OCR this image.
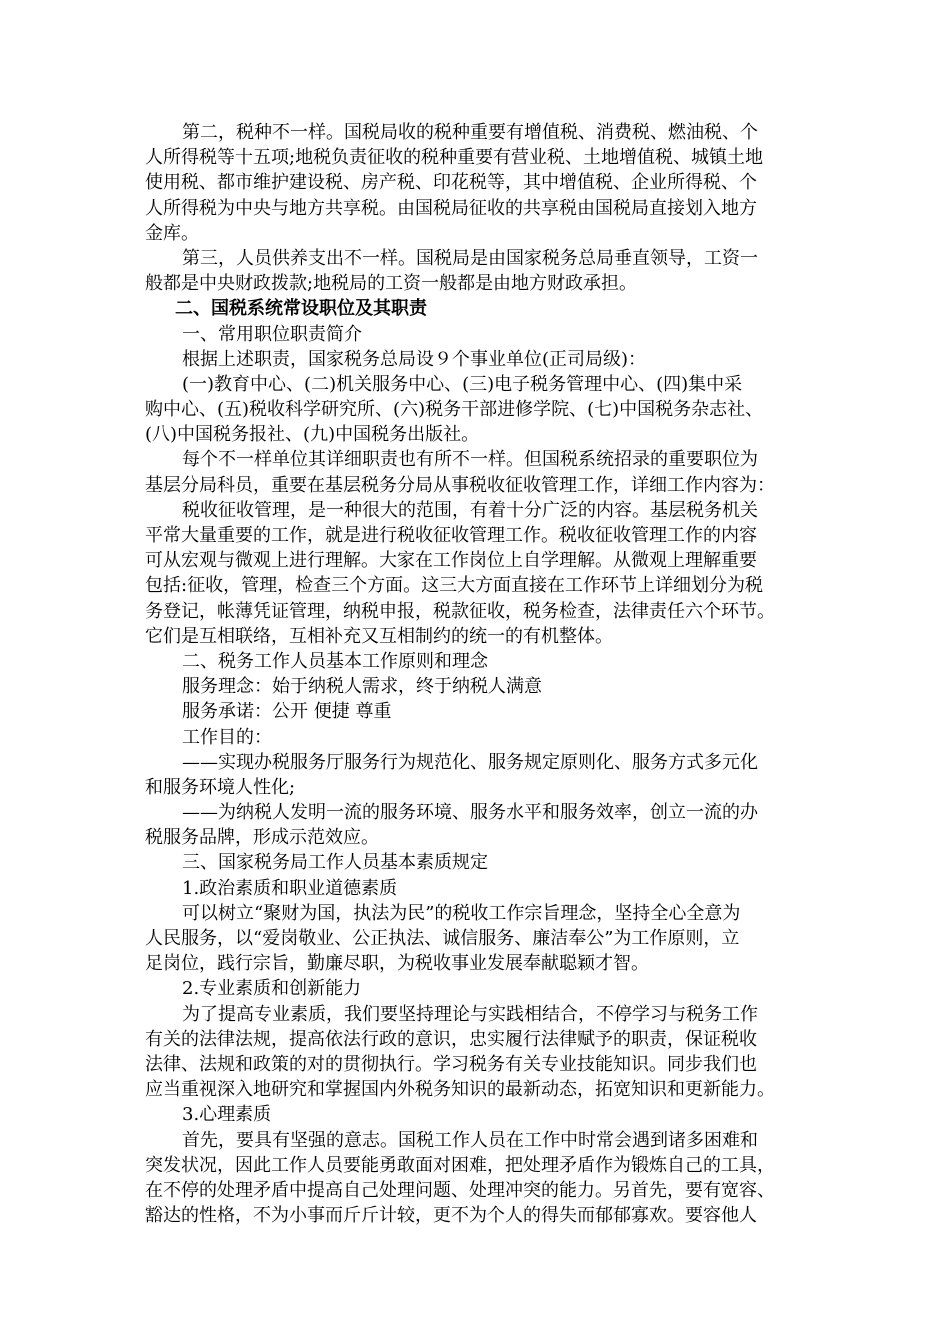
第二，税种不一样。国税局收的税种重要有增值税、消费税、燃油税、个
人所得税等十五项;地税负责征收的税种重要有营业税、土地增值税、城镇土地
使用税、都市维护建设税、房产税、印花税等，其中增值税、企业所得税、个
人所得税为中央与地方共享税。由国税局征收的共享税由国税局直接划入地方
金库。
第三，人员供养支出不一样。国税局是由国家税务总局垂直领导，工资一
般都是中央财政拨款;地税局的工资一般都是由地方财政承担。
二、国税系统常设职位及其职责
一、常用职位职责简介
根据上述职责，国家税务总局设９个事业单位(正司局级)：
(一)教育中心、(二)机关服务中心、(三)电子税务管理中心、(四)集中采
购中心、(五)税收科学研究所、(六)税务干部进修学院、(七)中国税务杂志社、
(八)中国税务报社、(九)中国税务出版社。
每个不一样单位其详细职责也有所不一样。但国税系统招录的重要职位为
基层分局科员，重要在基层税务分局从事税收征收管理工作，详细工作内容为：
税收征收管理，是一种很大的范围，有着十分广泛的内容。基层税务机关
平常大量重要的工作，就是进行税收征收管理工作。税收征收管理工作的内容
可从宏观与微观上进行理解。大家在工作岗位上自学理解。从微观上理解重要
包括:征收，管理，检查三个方面。这三大方面直接在工作环节上详细划分为税
务登记，帐薄凭证管理，纳税申报，税款征收，税务检查，法律责任六个环节。
它们是互相联络，互相补充又互相制约的统一的有机整体。
二、税务工作人员基本工作原则和理念
服务理念：始于纳税人需求，终于纳税人满意
服务承诺：公开 便捷 尊重
工作目的：
——实现办税服务厅服务行为规范化、服务规定原则化、服务方式多元化
和服务环境人性化;
——为纳税人发明一流的服务环境、服务水平和服务效率，创立一流的办
税服务品牌，形成示范效应。
三、国家税务局工作人员基本素质规定
1.政治素质和职业道德素质
可以树立“聚财为国，执法为民”的税收工作宗旨理念，坚持全心全意为
人民服务，以“爱岗敬业、公正执法、诚信服务、廉洁奉公”为工作原则，立
足岗位，践行宗旨，勤廉尽职，为税收事业发展奉献聪颖才智。
2.专业素质和创新能力
为了提高专业素质，我们要坚持理论与实践相结合，不停学习与税务工作
有关的法律法规，提高依法行政的意识，忠实履行法律赋予的职责，保证税收
法律、法规和政策的对的贯彻执行。学习税务有关专业技能知识。同步我们也
应当重视深入地研究和掌握国内外税务知识的最新动态，拓宽知识和更新能力。
3.心理素质
首先，要具有坚强的意志。国税工作人员在工作中时常会遇到诸多困难和
突发状况，因此工作人员要能勇敢面对困难，把处理矛盾作为锻炼自己的工具，
在不停的处理矛盾中提高自己处理问题、处理冲突的能力。另首先，要有宽容、
豁达的性格，不为小事而斤斤计较，更不为个人的得失而郁郁寡欢。要容他人
